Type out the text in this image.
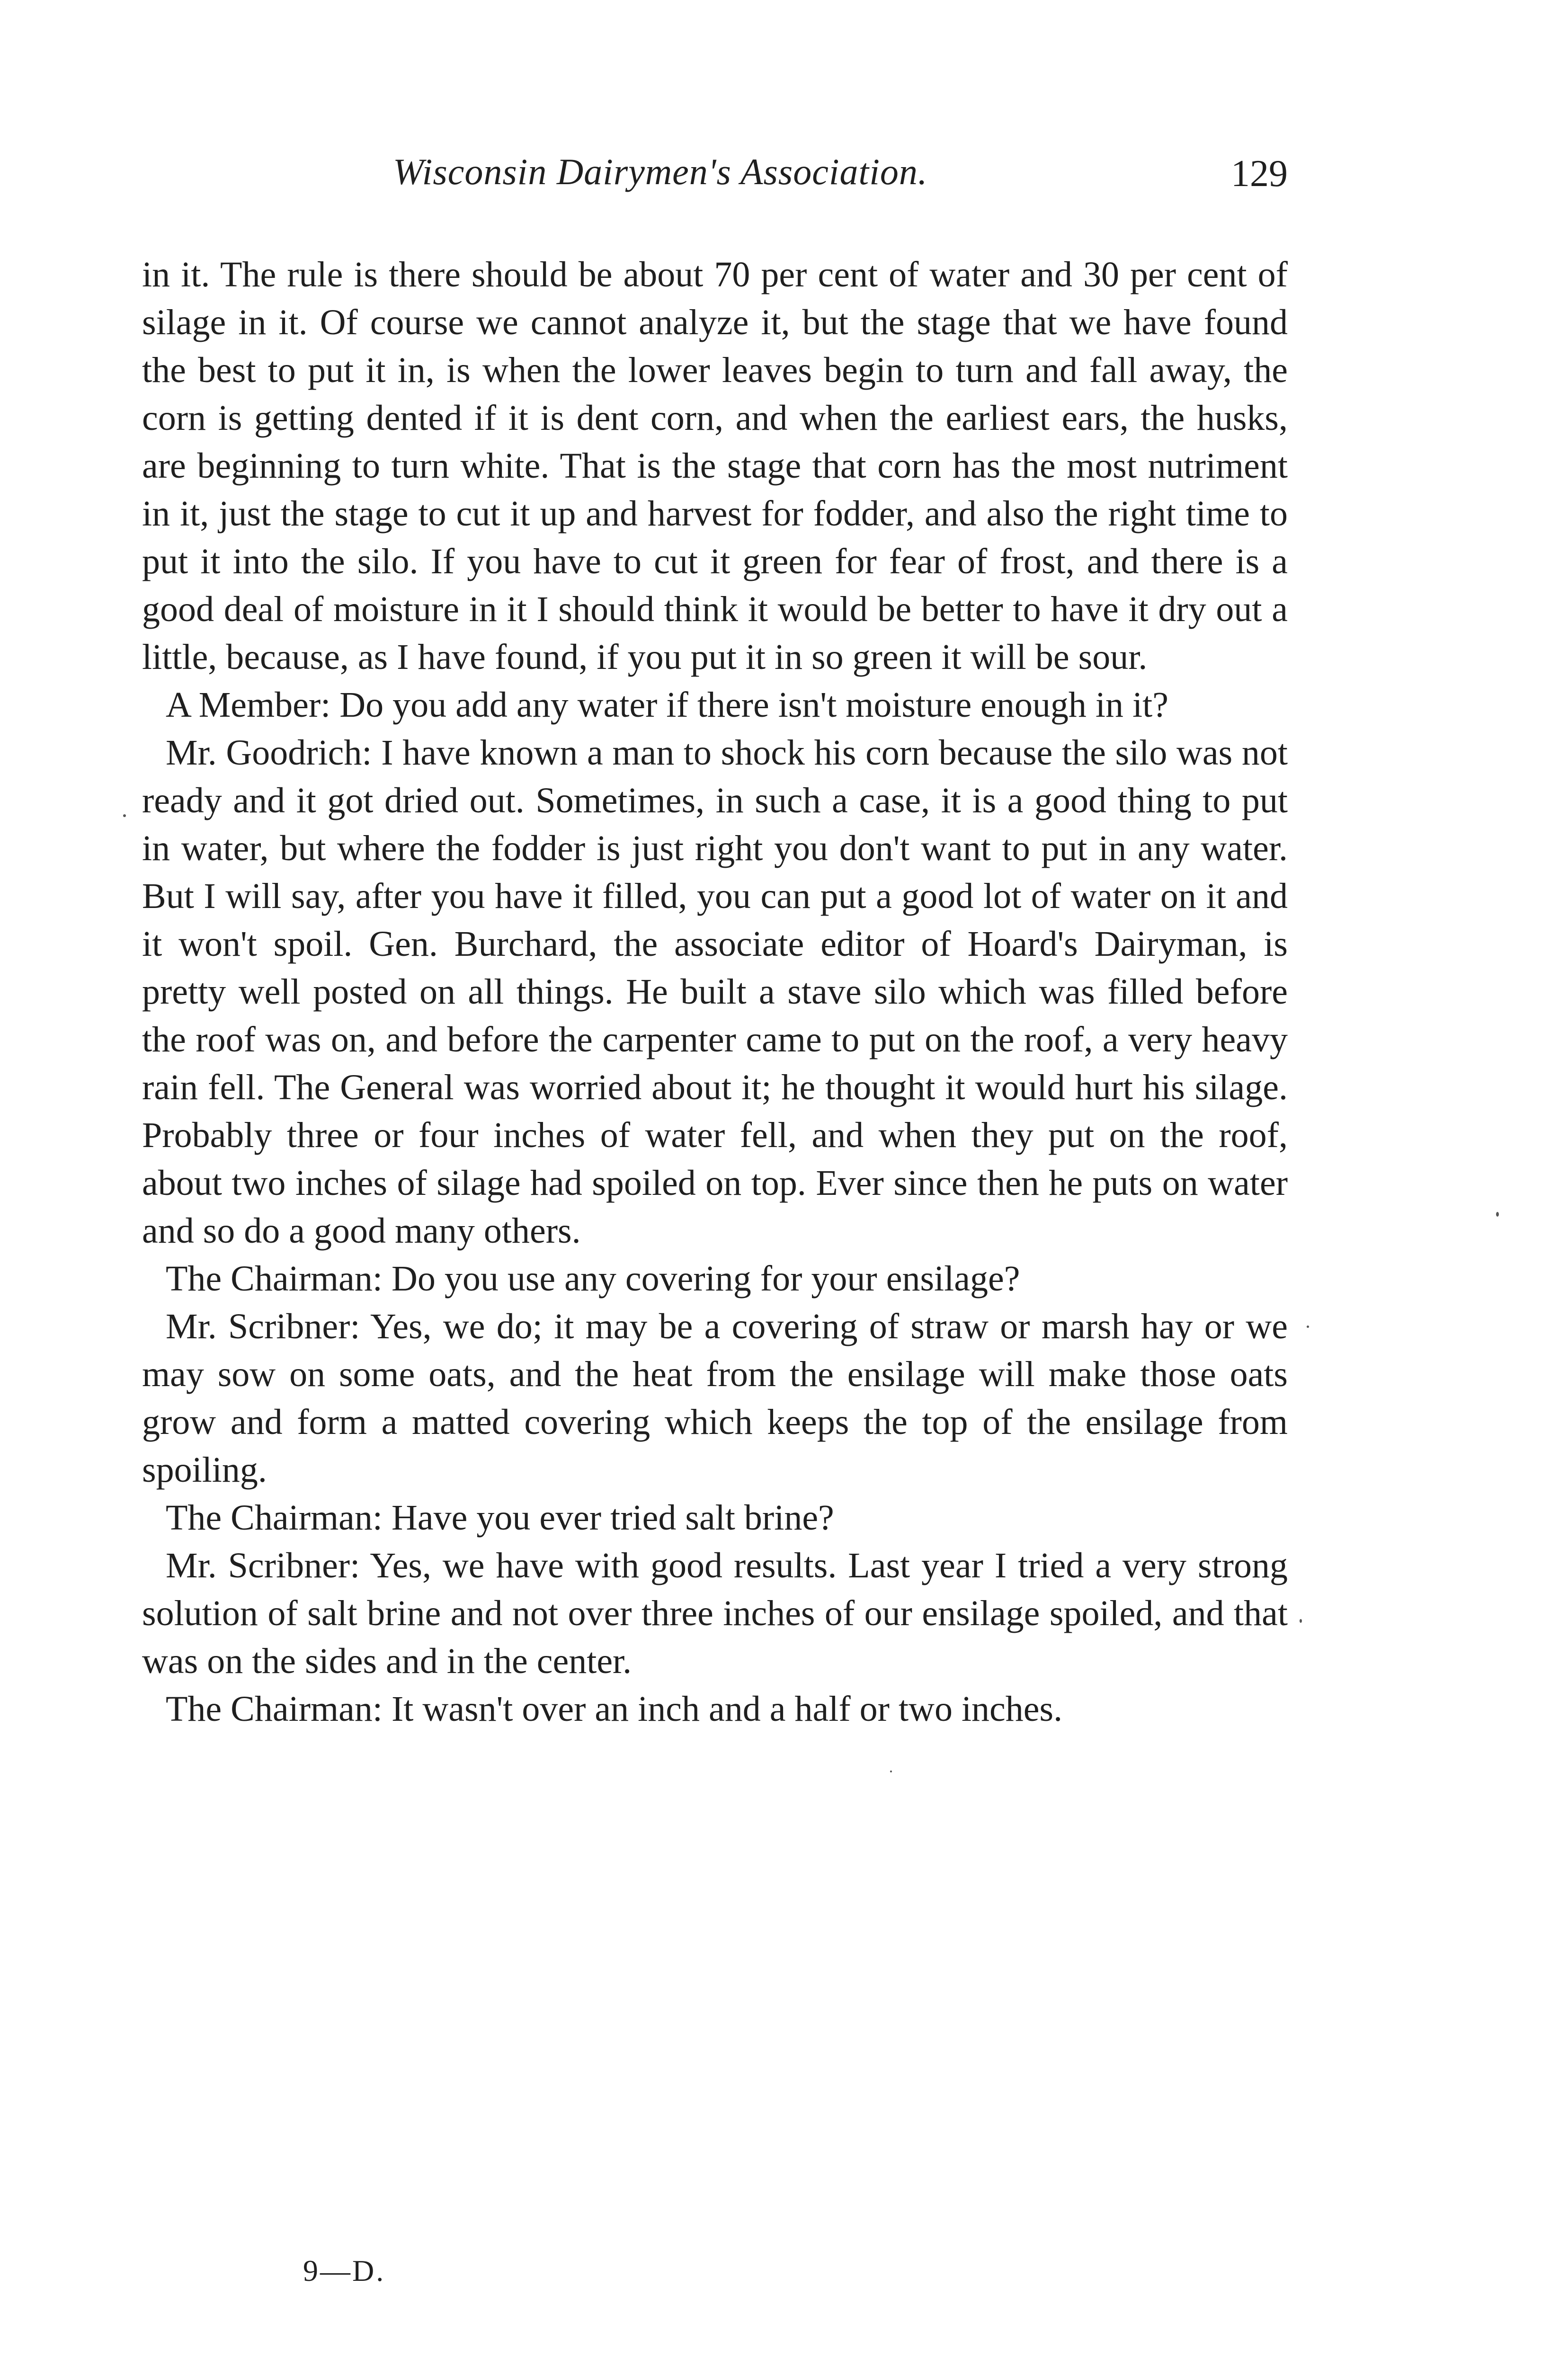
Wisconsin Dairymen's Association.	129

in it. The rule is there should be about 70 per cent of water and 30 per cent of silage in it. Of course we cannot analyze it, but the stage that we have found the best to put it in, is when the lower leaves begin to turn and fall away, the corn is getting dented if it is dent corn, and when the earliest ears, the husks, are beginning to turn white. That is the stage that corn has the most nutriment in it, just the stage to cut it up and harvest for fodder, and also the right time to put it into the silo. If you have to cut it green for fear of frost, and there is a good deal of moisture in it I should think it would be better to have it dry out a little, because, as I have found, if you put it in so green it will be sour.

A Member: Do you add any water if there isn't moisture enough in it?

Mr. Goodrich: I have known a man to shock his corn because the silo was not ready and it got dried out. Sometimes, in such a case, it is a good thing to put in water, but where the fodder is just right you don't want to put in any water. But I will say, after you have it filled, you can put a good lot of water on it and it won't spoil. Gen. Burchard, the associate editor of Hoard's Dairyman, is pretty well posted on all things. He built a stave silo which was filled before the roof was on, and before the carpenter came to put on the roof, a very heavy rain fell. The General was worried about it; he thought it would hurt his silage. Probably three or four inches of water fell, and when they put on the roof, about two inches of silage had spoiled on top. Ever since then he puts on water and so do a good many others.

The Chairman: Do you use any covering for your ensilage?

Mr. Scribner: Yes, we do; it may be a covering of straw or marsh hay or we may sow on some oats, and the heat from the ensilage will make those oats grow and form a matted covering which keeps the top of the ensilage from spoiling.

The Chairman: Have you ever tried salt brine?

Mr. Scribner: Yes, we have with good results. Last year I tried a very strong solution of salt brine and not over three inches of our ensilage spoiled, and that was on the sides and in the center.

The Chairman: It wasn't over an inch and a half or two inches.

9—D.
